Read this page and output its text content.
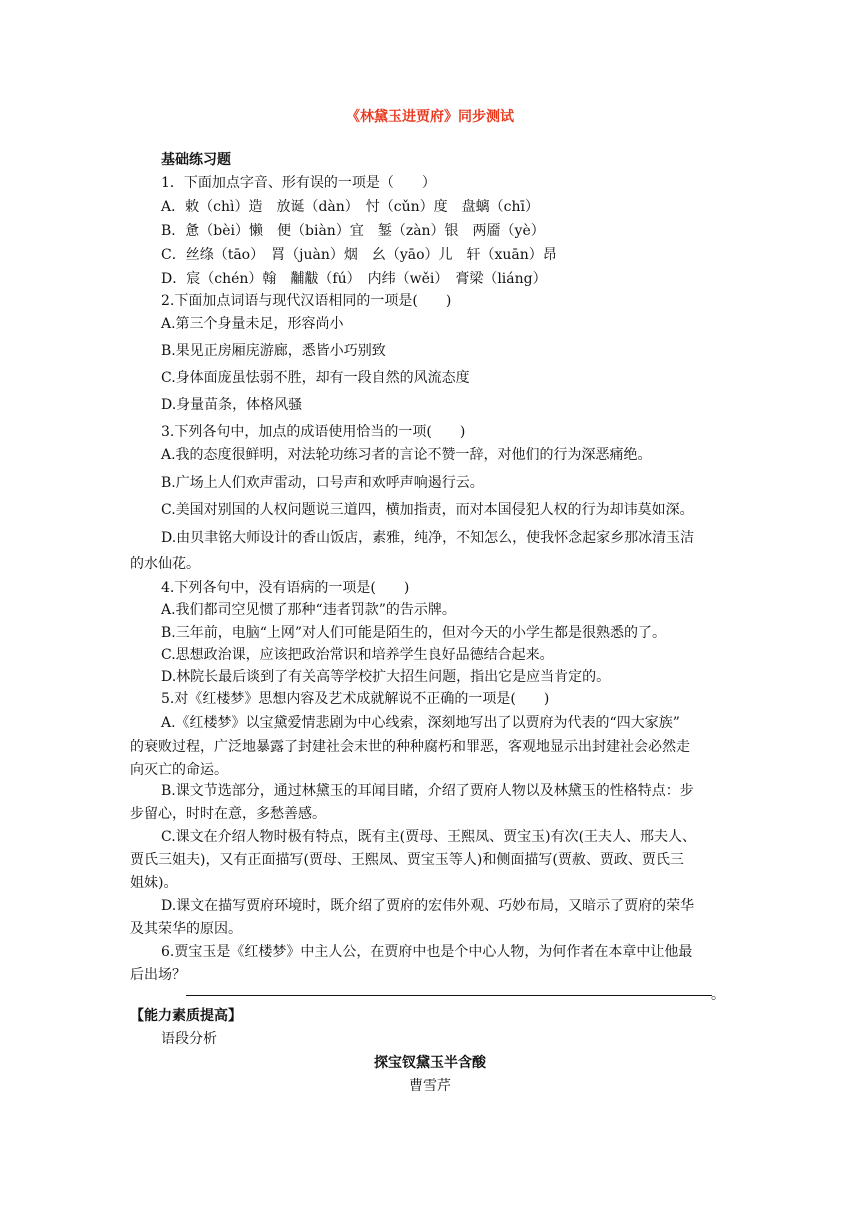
《林黛玉进贾府》同步测试
基础练习题
1．下面加点字音、形有误的一项是（　　）
A．敕（chì）造　放诞（dàn）　忖（cǔn）度　盘螭（chī）
B．惫（bèi）懒　便（biàn）宜　錾（zàn）银　两靥（yè）
C．丝绦（tāo）　罥（juàn）烟　幺（yāo）儿　轩（xuān）昂
D．宸（chén）翰　黼黻（fú）　内纬（wěi）　膏梁（liáng）
2.下面加点词语与现代汉语相同的一项是(　　)
A.第三个身量未足，形容尚小
B.果见正房厢庑游廊，悉皆小巧别致
C.身体面庞虽怯弱不胜，却有一段自然的风流态度
D.身量苗条，体格风骚
3.下列各句中，加点的成语使用恰当的一项(　　)
A.我的态度很鲜明，对法轮功练习者的言论不赞一辞，对他们的行为深恶痛绝。
B.广场上人们欢声雷动，口号声和欢呼声响遏行云。
C.美国对别国的人权问题说三道四，横加指责，而对本国侵犯人权的行为却讳莫如深。
D.由贝聿铭大师设计的香山饭店，素雅，纯净，不知怎么，使我怀念起家乡那冰清玉洁
的水仙花。
4.下列各句中，没有语病的一项是(　　)
A.我们都司空见惯了那种“违者罚款”的告示牌。
B.三年前，电脑“上网”对人们可能是陌生的，但对今天的小学生都是很熟悉的了。
C.思想政治课，应该把政治常识和培养学生良好品德结合起来。
D.林院长最后谈到了有关高等学校扩大招生问题，指出它是应当肯定的。
5.对《红楼梦》思想内容及艺术成就解说不正确的一项是(　　)
A.《红楼梦》以宝黛爱情悲剧为中心线索，深刻地写出了以贾府为代表的“四大家族”
的衰败过程，广泛地暴露了封建社会末世的种种腐朽和罪恶，客观地显示出封建社会必然走
向灭亡的命运。
B.课文节选部分，通过林黛玉的耳闻目睹，介绍了贾府人物以及林黛玉的性格特点：步
步留心，时时在意，多愁善感。
C.课文在介绍人物时极有特点，既有主(贾母、王熙凤、贾宝玉)有次(王夫人、邢夫人、
贾氏三姐夫)，又有正面描写(贾母、王熙凤、贾宝玉等人)和侧面描写(贾赦、贾政、贾氏三
姐妹)。
D.课文在描写贾府环境时，既介绍了贾府的宏伟外观、巧妙布局，又暗示了贾府的荣华
及其荣华的原因。
6.贾宝玉是《红楼梦》中主人公，在贾府中也是个中心人物，为何作者在本章中让他最
后出场？
。
【能力素质提高】
语段分析
探宝钗黛玉半含酸
曹雪芹
